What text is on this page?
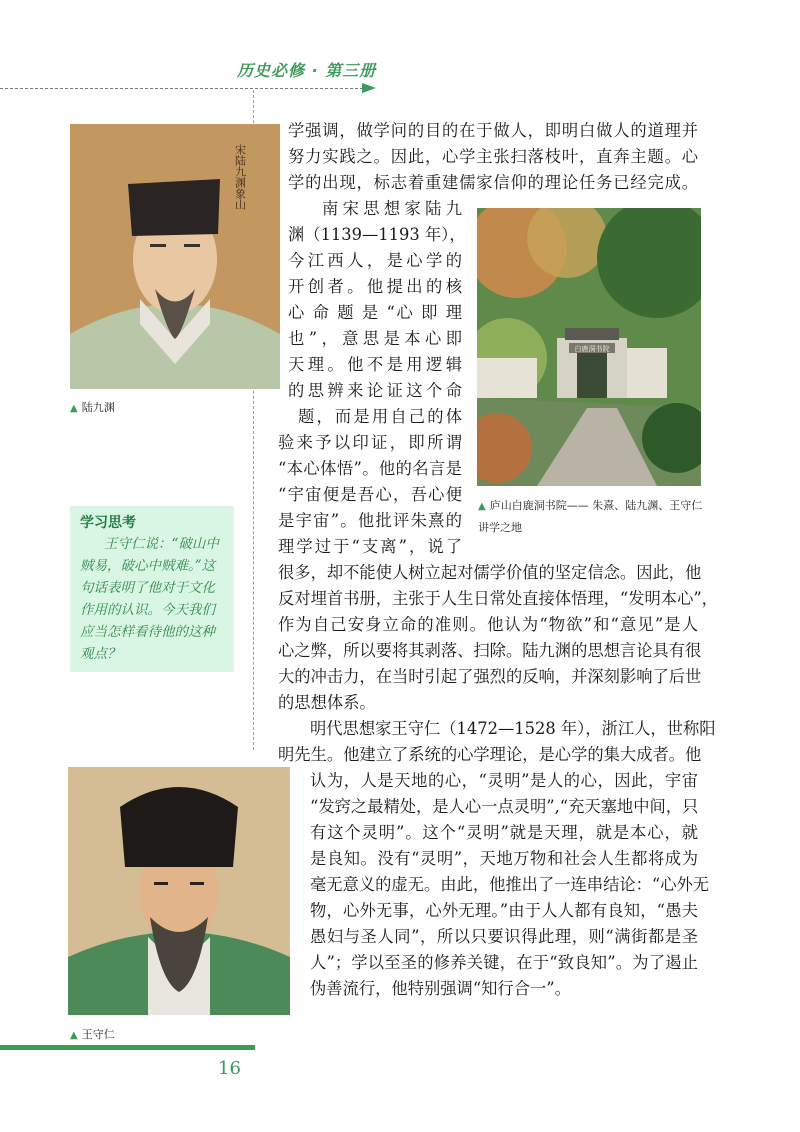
历史必修 · 第三册
宋陆九渊象山
▲ 陆九渊
学习思考
王守仁说：“破山中
贼易，破心中贼难。”这
句话表明了他对于文化
作用的认识。今天我们
应当怎样看待他的这种
观点？
学强调，做学问的目的在于做人，即明白做人的道理并
努力实践之。因此，心学主张扫落枝叶，直奔主题。心
学的出现，标志着重建儒家信仰的理论任务已经完成。
南宋思想家陆九
渊（1139—1193 年），
今江西人，是心学的
开创者。他提出的核
心 命 题 是 “心 即 理
也”，意思是本心即
天理。他不是用逻辑
的思辨来论证这个命
题，而是用自己的体
验来予以印证，即所谓
“本心体悟”。他的名言是
“宇宙便是吾心，吾心便
是宇宙”。他批评朱熹的
理学过于“支离”，说了
白鹿洞书院
▲ 庐山白鹿洞书院—— 朱熹、陆九渊、王守仁
讲学之地
很多，却不能使人树立起对儒学价值的坚定信念。因此，他
反对埋首书册，主张于人生日常处直接体悟理，“发明本心”，
作为自己安身立命的准则。他认为“物欲”和“意见”是人
心之弊，所以要将其剥落、扫除。陆九渊的思想言论具有很
大的冲击力，在当时引起了强烈的反响，并深刻影响了后世
的思想体系。
明代思想家王守仁（1472—1528 年），浙江人，世称阳
明先生。他建立了系统的心学理论，是心学的集大成者。他
▲ 王守仁
认为，人是天地的心，“灵明”是人的心，因此，宇宙
“发窍之最精处，是人心一点灵明”,“充天塞地中间，只
有这个灵明”。这个“灵明”就是天理，就是本心，就
是良知。没有“灵明”，天地万物和社会人生都将成为
毫无意义的虚无。由此，他推出了一连串结论：“心外无
物，心外无事，心外无理。”由于人人都有良知，“愚夫
愚妇与圣人同”，所以只要识得此理，则“满街都是圣
人”；学以至圣的修养关键，在于“致良知”。为了遏止
伪善流行，他特别强调“知行合一”。
16
